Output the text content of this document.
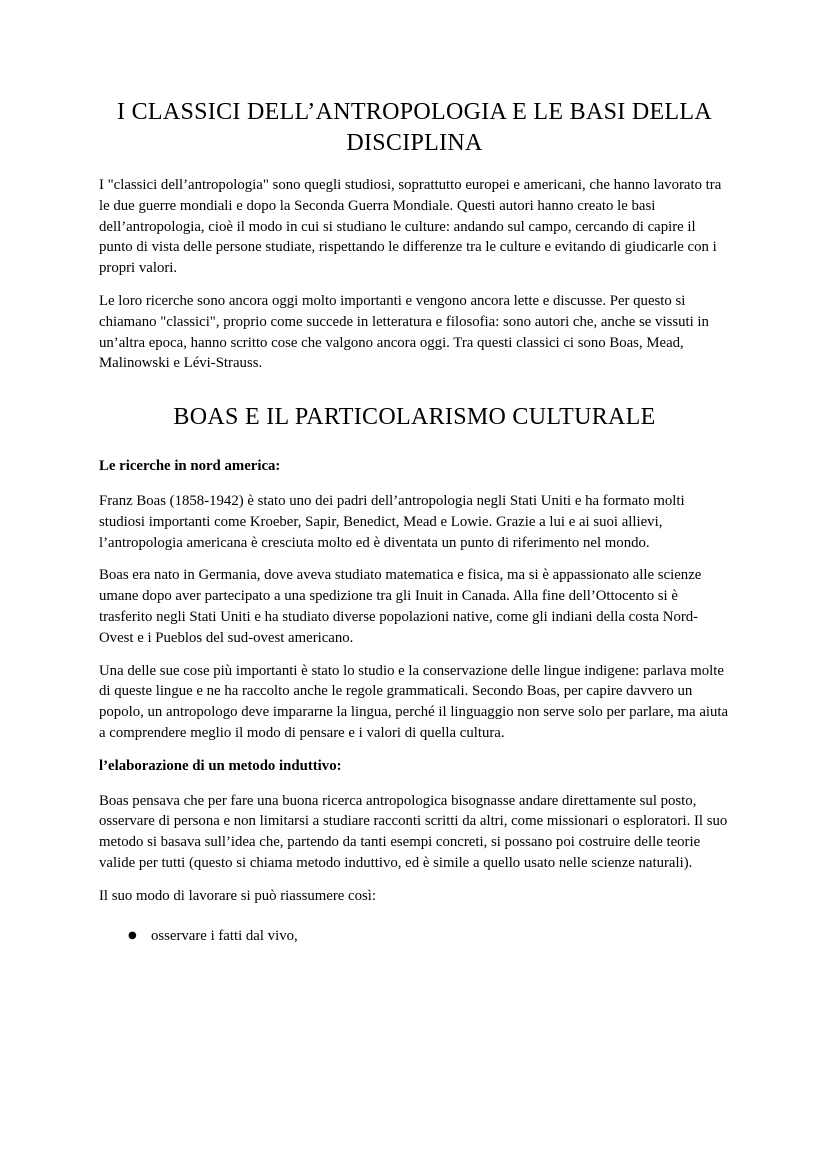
I CLASSICI DELL’ANTROPOLOGIA E LE BASI DELLA DISCIPLINA

I "classici dell’antropologia" sono quegli studiosi, soprattutto europei e americani, che hanno lavorato tra le due guerre mondiali e dopo la Seconda Guerra Mondiale. Questi autori hanno creato le basi dell’antropologia, cioè il modo in cui si studiano le culture: andando sul campo, cercando di capire il punto di vista delle persone studiate, rispettando le differenze tra le culture e evitando di giudicarle con i propri valori.

Le loro ricerche sono ancora oggi molto importanti e vengono ancora lette e discusse. Per questo si chiamano "classici", proprio come succede in letteratura e filosofia: sono autori che, anche se vissuti in un’altra epoca, hanno scritto cose che valgono ancora oggi. Tra questi classici ci sono Boas, Mead, Malinowski e Lévi-Strauss.

BOAS E IL PARTICOLARISMO CULTURALE
Le ricerche in nord america:

Franz Boas (1858-1942) è stato uno dei padri dell’antropologia negli Stati Uniti e ha formato molti studiosi importanti come Kroeber, Sapir, Benedict, Mead e Lowie. Grazie a lui e ai suoi allievi, l’antropologia americana è cresciuta molto ed è diventata un punto di riferimento nel mondo.

Boas era nato in Germania, dove aveva studiato matematica e fisica, ma si è appassionato alle scienze umane dopo aver partecipato a una spedizione tra gli Inuit in Canada. Alla fine dell’Ottocento si è trasferito negli Stati Uniti e ha studiato diverse popolazioni native, come gli indiani della costa Nord-Ovest e i Pueblos del sud-ovest americano.

Una delle sue cose più importanti è stato lo studio e la conservazione delle lingue indigene: parlava molte di queste lingue e ne ha raccolto anche le regole grammaticali. Secondo Boas, per capire davvero un popolo, un antropologo deve impararne la lingua, perché il linguaggio non serve solo per parlare, ma aiuta a comprendere meglio il modo di pensare e i valori di quella cultura.

l’elaborazione di un metodo induttivo:

Boas pensava che per fare una buona ricerca antropologica bisognasse andare direttamente sul posto, osservare di persona e non limitarsi a studiare racconti scritti da altri, come missionari o esploratori. Il suo metodo si basava sull’idea che, partendo da tanti esempi concreti, si possano poi costruire delle teorie valide per tutti (questo si chiama metodo induttivo, ed è simile a quello usato nelle scienze naturali).

Il suo modo di lavorare si può riassumere così:

● osservare i fatti dal vivo,
